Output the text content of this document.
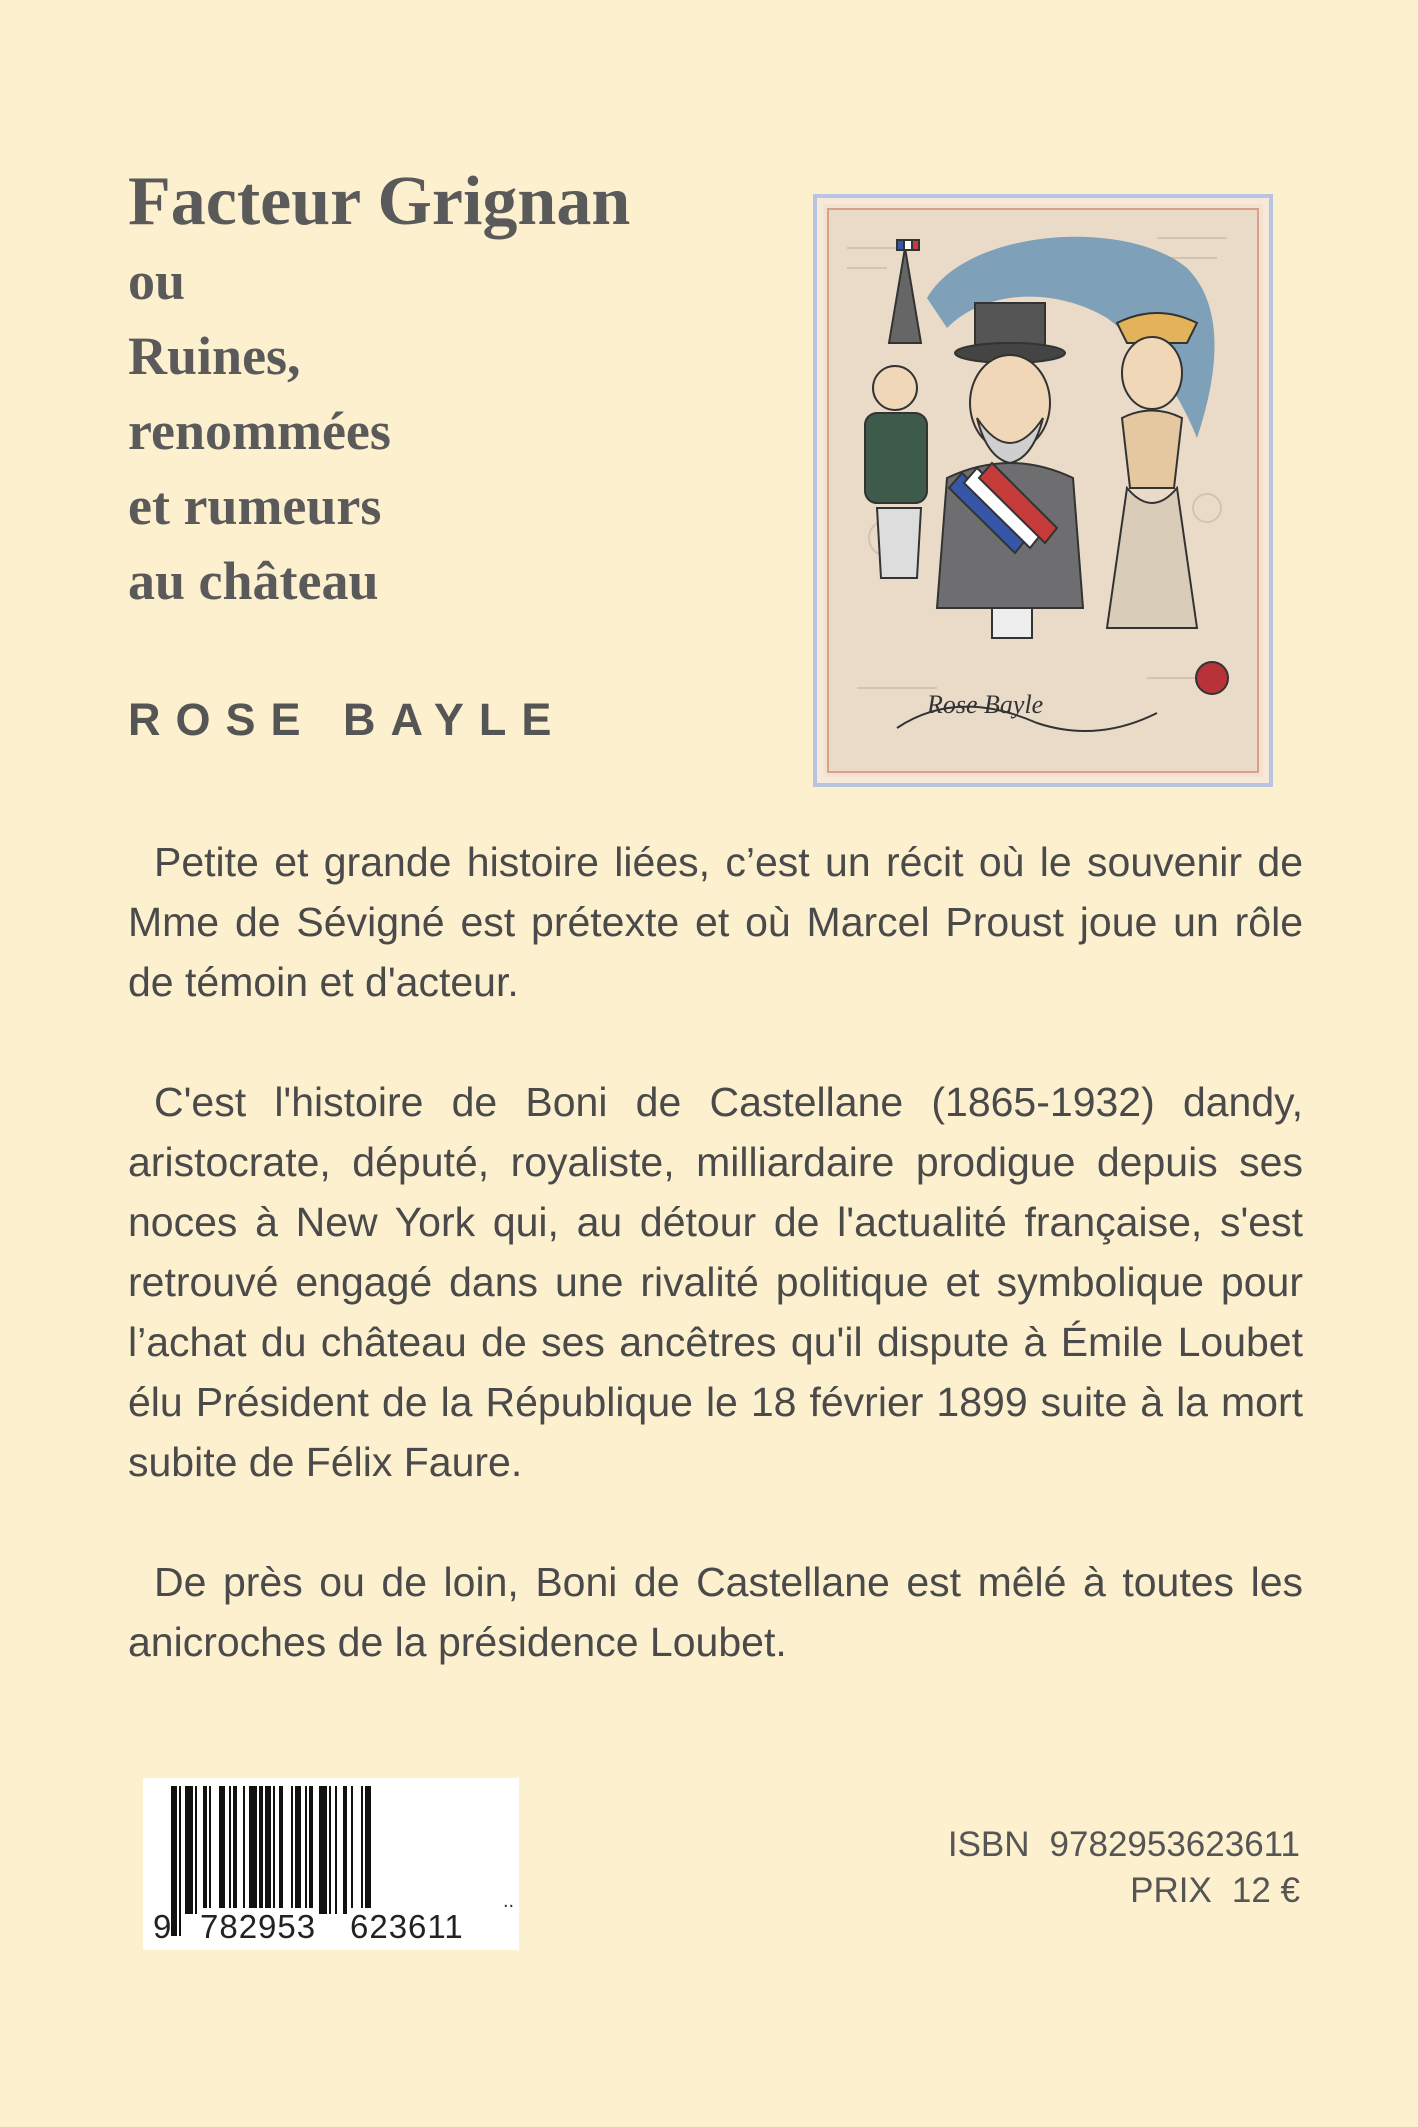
Facteur Grignan

ou

Ruines,

renommées

et rumeurs

au château

ROSE BAYLE	Rose Bayle

Petite et grande histoire liées, c’est un récit où le souvenir de Mme de Sévigné est prétexte et où Marcel Proust joue un rôle de témoin et d'acteur.

C'est l'histoire de Boni de Castellane (1865-1932) dandy, aristocrate, député, royaliste, milliardaire prodigue depuis ses noces à New York qui, au détour de l'actualité française, s'est retrouvé engagé dans une rivalité politique et symbolique pour l’achat du château de ses ancêtres qu'il dispute à Émile Loubet élu Président de la République le 18 février 1899 suite à la mort subite de Félix Faure.

De près ou de loin, Boni de Castellane est mêlé à toutes les anicroches de la présidence Loubet.

9 782953 623611
..
ISBN 9782953623611
PRIX 12 €
